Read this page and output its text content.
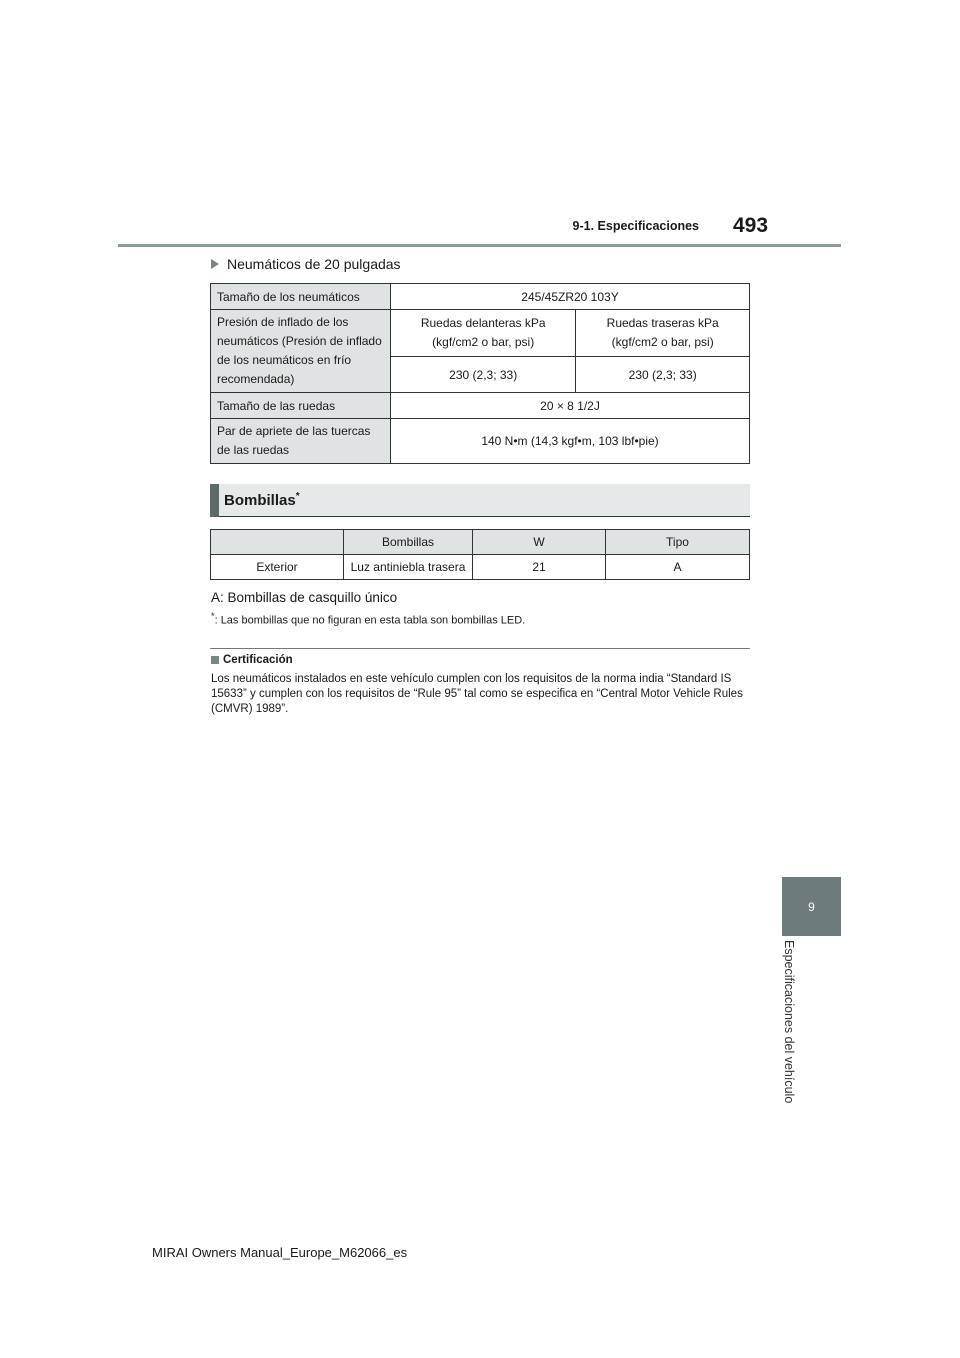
493
9-1. Especificaciones
9
Especificaciones del vehículo
Neumáticos de 20 pulgadas
Tamaño de los neumáticos	245/45ZR20 103Y	
Presión de inflado de los neumáticos (Presión de inflado de los neumáticos en frío recomendada)	Ruedas delanteras kPa (kgf/cm2 o bar, psi)	Ruedas traseras kPa (kgf/cm2 o bar, psi)
	230 (2,3; 33)	230 (2,3; 33)
Tamaño de las ruedas	20 × 8 1/2J	
Par de apriete de las tuercas de las ruedas	140 N•m (14,3 kgf•m, 103 lbf•pie)	
Bombillas*
	Bombillas	W	Tipo
Exterior	Luz antiniebla trasera	21	A
A: Bombillas de casquillo único
*: Las bombillas que no figuran en esta tabla son bombillas LED.
Certificación
Los neumáticos instalados en este vehículo cumplen con los requisitos de la norma india “Standard IS 15633” y cumplen con los requisitos de “Rule 95” tal como se especifica en “Central Motor Vehicle Rules (CMVR) 1989”.
MIRAI Owners Manual_Europe_M62066_es
